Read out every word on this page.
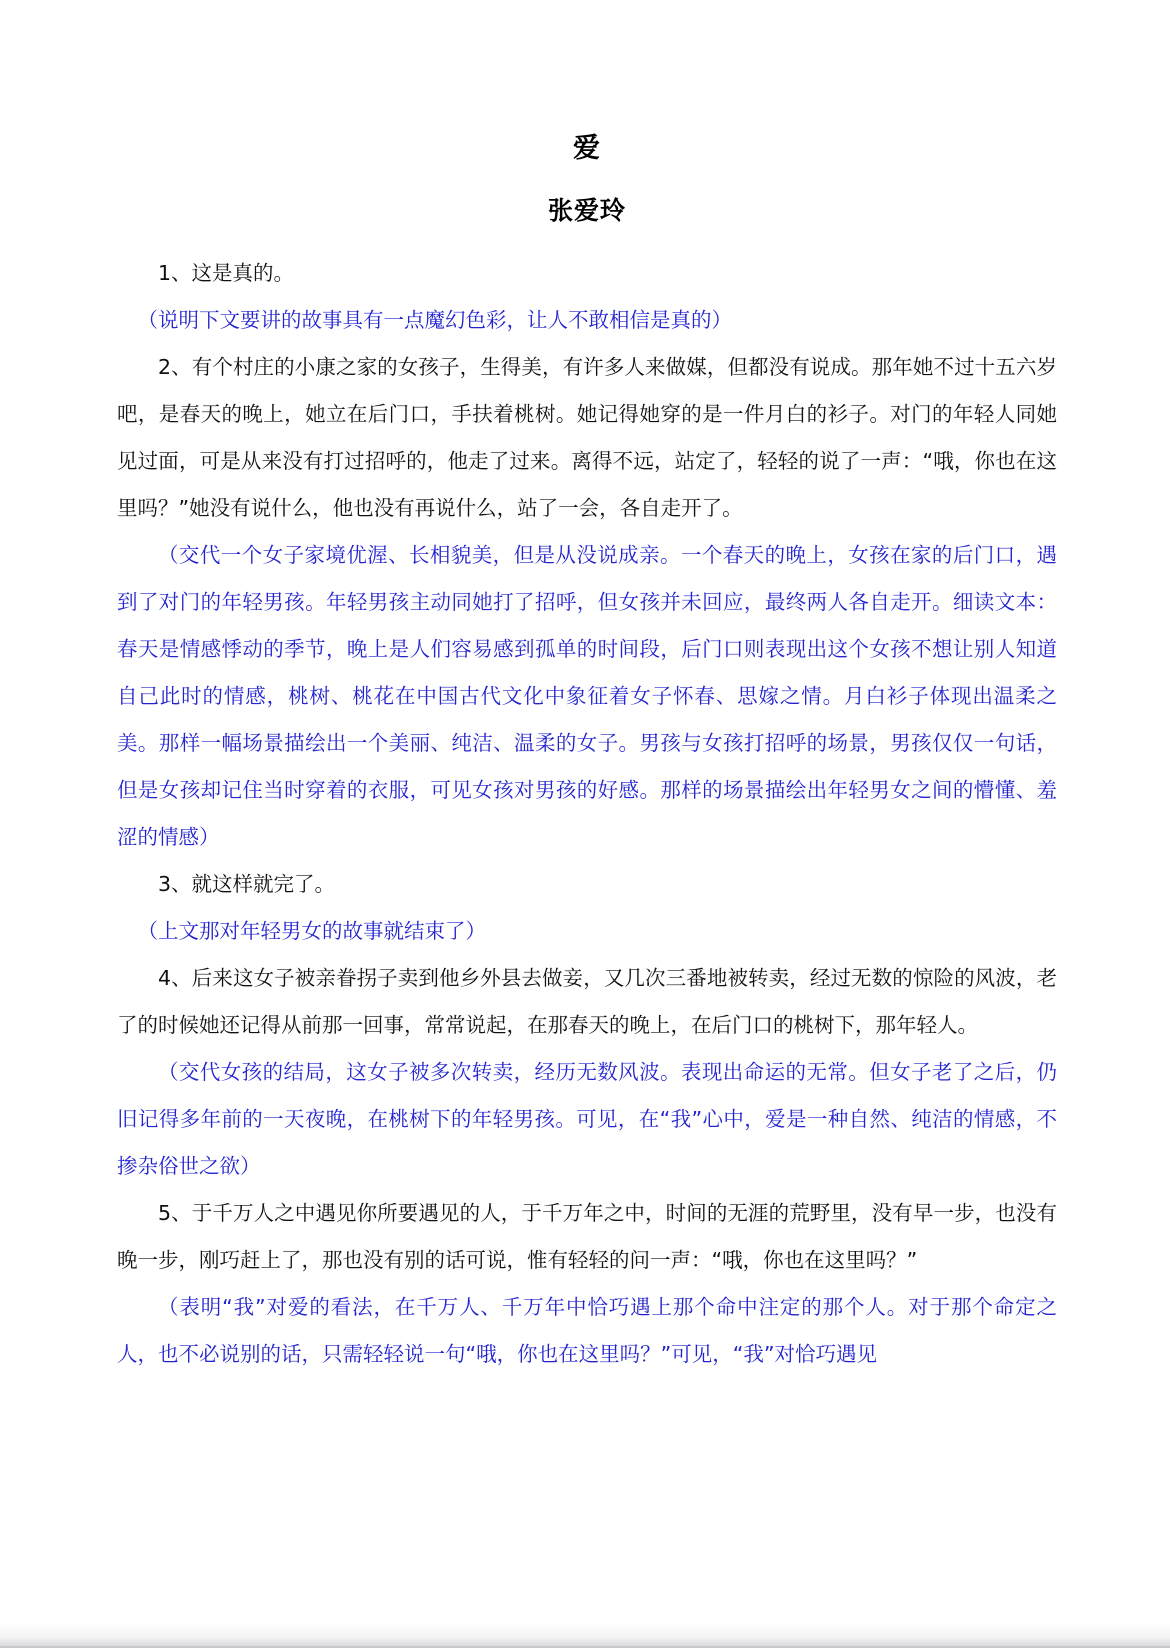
爱
张爱玲

1、这是真的。

（说明下文要讲的故事具有一点魔幻色彩，让人不敢相信是真的）

2、有个村庄的小康之家的女孩子，生得美，有许多人来做媒，但都没有说成。那年她不过十五六岁吧，是春天的晚上，她立在后门口，手扶着桃树。她记得她穿的是一件月白的衫子。对门的年轻人同她见过面，可是从来没有打过招呼的，他走了过来。离得不远，站定了，轻轻的说了一声：“哦，你也在这里吗？”她没有说什么，他也没有再说什么，站了一会，各自走开了。

（交代一个女子家境优渥、长相貌美，但是从没说成亲。一个春天的晚上，女孩在家的后门口，遇到了对门的年轻男孩。年轻男孩主动同她打了招呼，但女孩并未回应，最终两人各自走开。细读文本：春天是情感悸动的季节，晚上是人们容易感到孤单的时间段，后门口则表现出这个女孩不想让别人知道自己此时的情感，桃树、桃花在中国古代文化中象征着女子怀春、思嫁之情。月白衫子体现出温柔之美。那样一幅场景描绘出一个美丽、纯洁、温柔的女子。男孩与女孩打招呼的场景，男孩仅仅一句话，但是女孩却记住当时穿着的衣服，可见女孩对男孩的好感。那样的场景描绘出年轻男女之间的懵懂、羞涩的情感）

3、就这样就完了。

（上文那对年轻男女的故事就结束了）

4、后来这女子被亲眷拐子卖到他乡外县去做妾，又几次三番地被转卖，经过无数的惊险的风波，老了的时候她还记得从前那一回事，常常说起，在那春天的晚上，在后门口的桃树下，那年轻人。

（交代女孩的结局，这女子被多次转卖，经历无数风波。表现出命运的无常。但女子老了之后，仍旧记得多年前的一天夜晚，在桃树下的年轻男孩。可见，在“我”心中，爱是一种自然、纯洁的情感，不掺杂俗世之欲）

5、于千万人之中遇见你所要遇见的人，于千万年之中，时间的无涯的荒野里，没有早一步，也没有晚一步，刚巧赶上了，那也没有别的话可说，惟有轻轻的问一声：“哦，你也在这里吗？”

（表明“我”对爱的看法，在千万人、千万年中恰巧遇上那个命中注定的那个人。对于那个命定之人，也不必说别的话，只需轻轻说一句“哦，你也在这里吗？”可见，“我”对恰巧遇见
